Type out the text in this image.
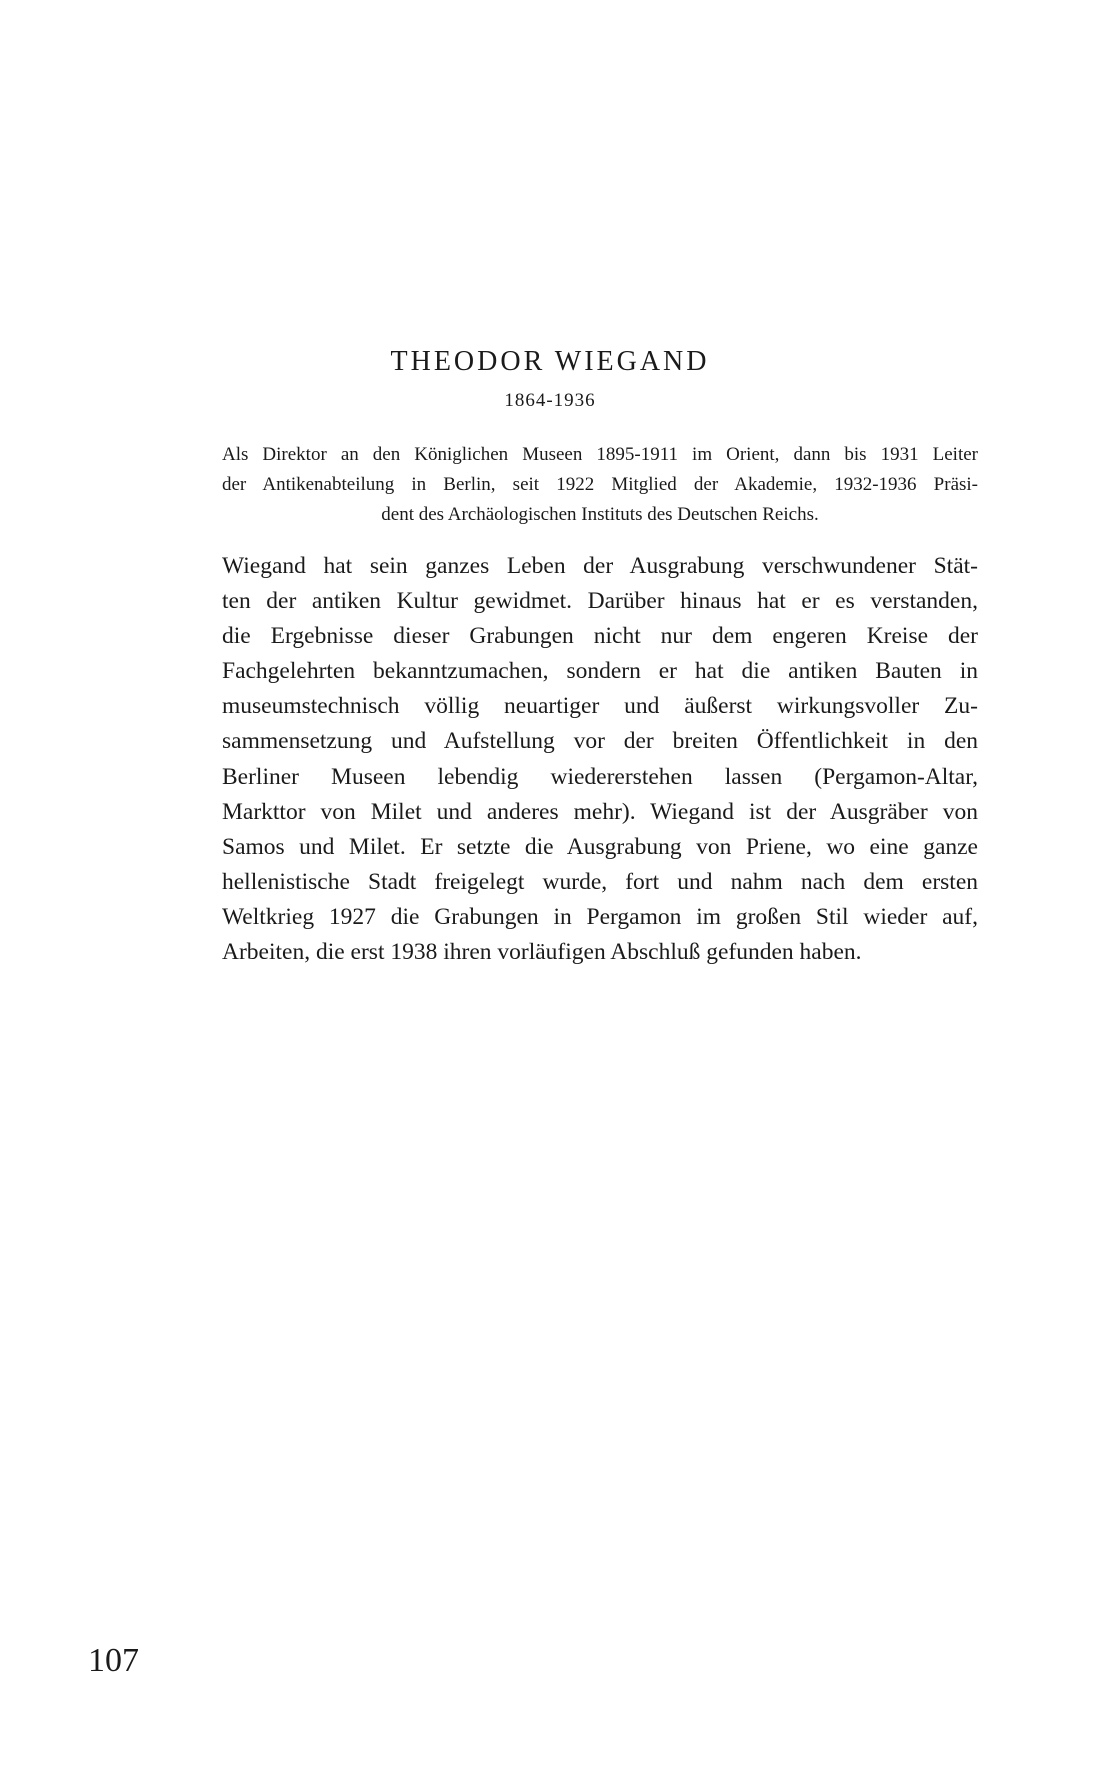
THEODOR WIEGAND

1864-1936

Als Direktor an den Königlichen Museen 1895-1911 im Orient, dann bis 1931 Leiter
der Antikenabteilung in Berlin, seit 1922 Mitglied der Akademie, 1932-1936 Präsi-
dent des Archäologischen Instituts des Deutschen Reichs.

Wiegand hat sein ganzes Leben der Ausgrabung verschwundener Stät-
ten der antiken Kultur gewidmet. Darüber hinaus hat er es verstanden,
die Ergebnisse dieser Grabungen nicht nur dem engeren Kreise der
Fachgelehrten bekanntzumachen, sondern er hat die antiken Bauten in
museumstechnisch völlig neuartiger und äußerst wirkungsvoller Zu-
sammensetzung und Aufstellung vor der breiten Öffentlichkeit in den
Berliner Museen lebendig wiedererstehen lassen (Pergamon-Altar,
Markttor von Milet und anderes mehr). Wiegand ist der Ausgräber von
Samos und Milet. Er setzte die Ausgrabung von Priene, wo eine ganze
hellenistische Stadt freigelegt wurde, fort und nahm nach dem ersten
Weltkrieg 1927 die Grabungen in Pergamon im großen Stil wieder auf,
Arbeiten, die erst 1938 ihren vorläufigen Abschluß gefunden haben.

107
